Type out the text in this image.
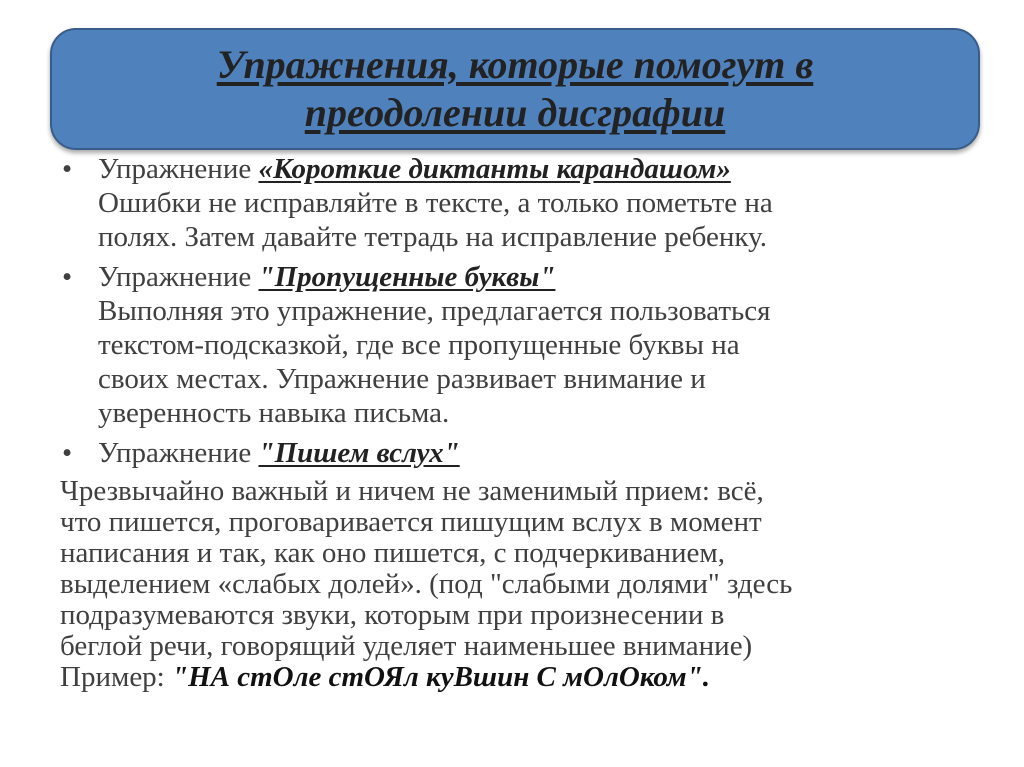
Упражнения, которые помогут в
преодолении дисграфии
• Упражнение «Короткие диктанты карандашом»
Ошибки не исправляйте в тексте, а только пометьте на
полях. Затем давайте тетрадь на исправление ребенку.
• Упражнение "Пропущенные буквы"
Выполняя это упражнение, предлагается пользоваться
текстом-подсказкой, где все пропущенные буквы на
своих местах. Упражнение развивает внимание и
уверенность навыка письма.
• Упражнение "Пишем вслух"
Чрезвычайно важный и ничем не заменимый прием: всё,
что пишется, проговаривается пишущим вслух в момент
написания и так, как оно пишется, с подчеркиванием,
выделением «слабых долей». (под "слабыми долями" здесь
подразумеваются звуки, которым при произнесении в
беглой речи, говорящий уделяет наименьшее внимание)
Пример: "НА стОле стОЯл куВшин С мОлОком".
